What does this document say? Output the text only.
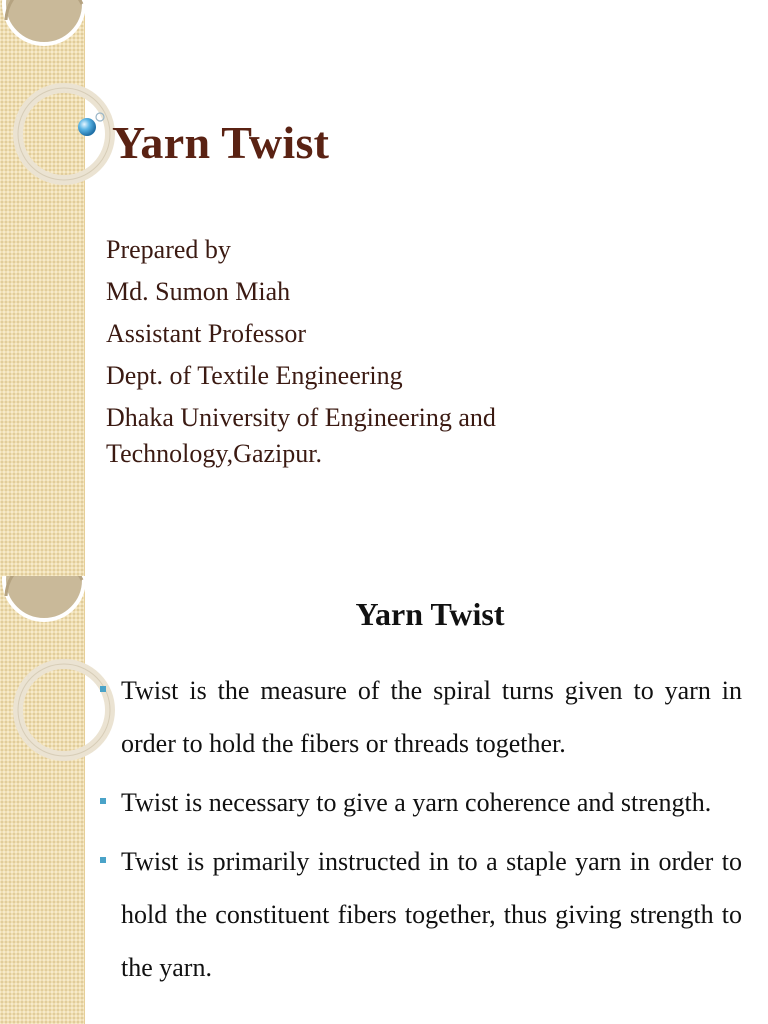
Yarn Twist

Prepared by

Md. Sumon Miah

Assistant Professor

Dept. of Textile Engineering

Dhaka University of Engineering and Technology,Gazipur.

Yarn Twist
Twist is the measure of the spiral turns given to yarn in order to hold the fibers or threads together.
Twist is necessary to give a yarn coherence and strength.
Twist is primarily instructed in to a staple yarn in order to hold the constituent fibers together, thus giving strength to the yarn.
